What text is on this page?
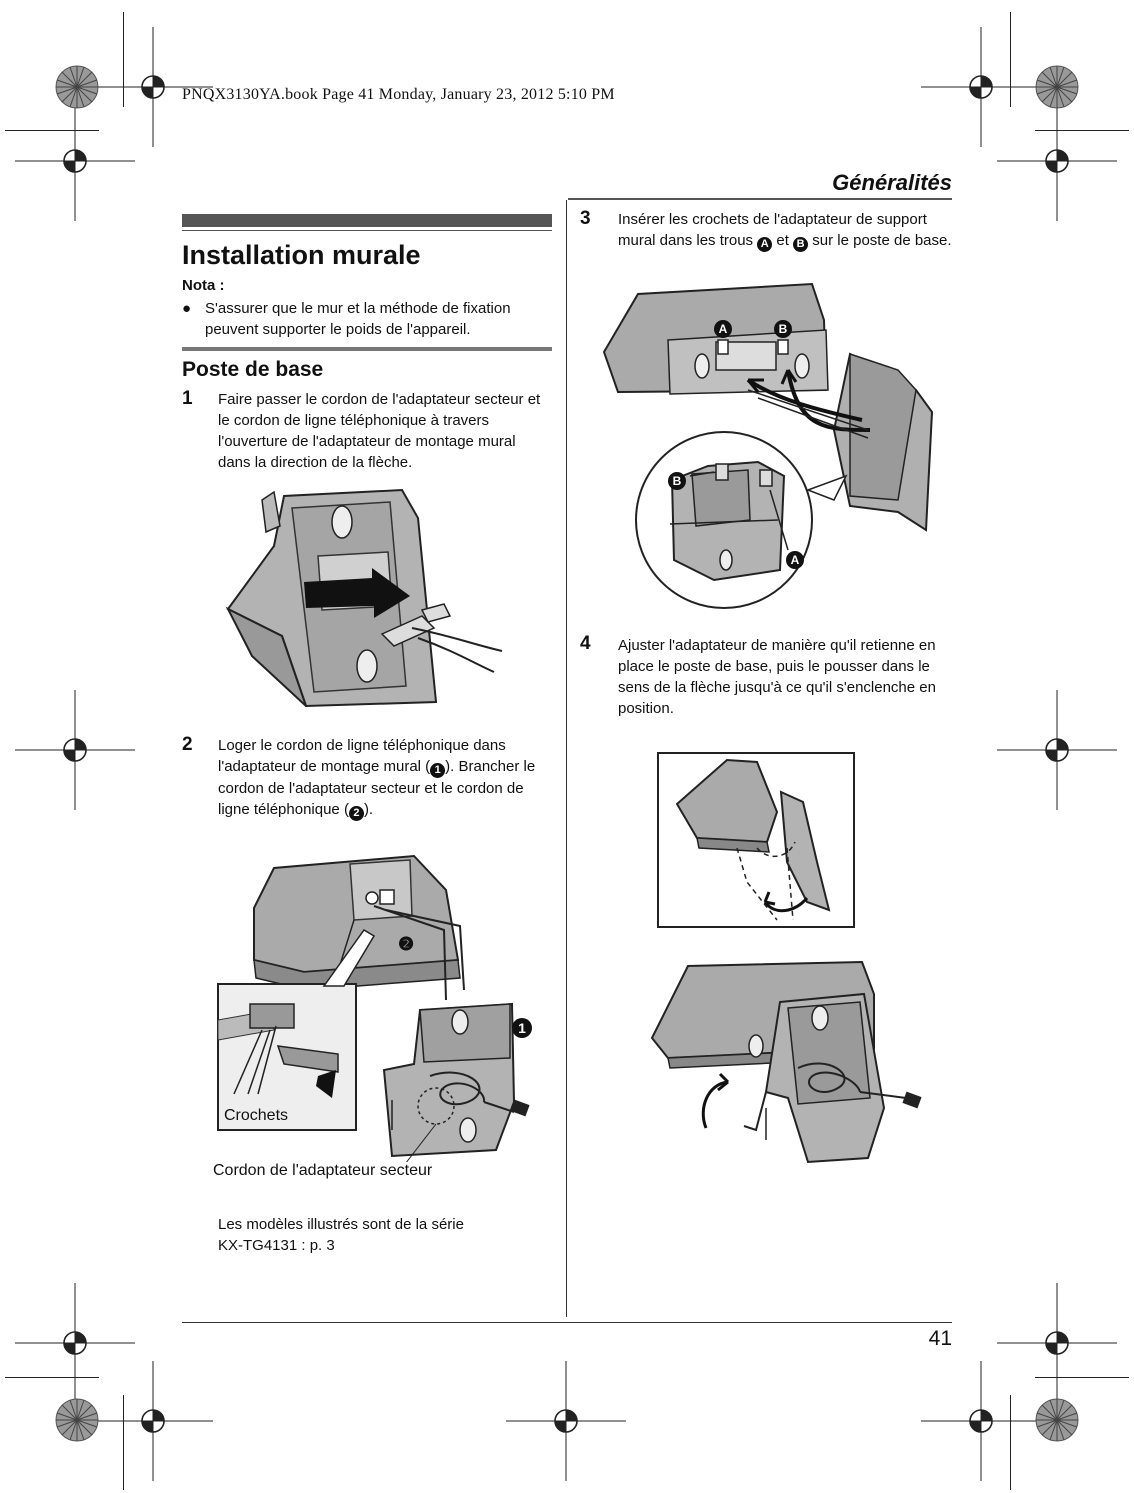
PNQX3130YA.book Page 41 Monday, January 23, 2012 5:10 PM
Généralités
Installation murale
Nota :
● S'assurer que le mur et la méthode de fixation peuvent supporter le poids de l'appareil.
Poste de base
1 Faire passer le cordon de l'adaptateur secteur et le cordon de ligne téléphonique à travers l'ouverture de l'adaptateur de montage mural dans la direction de la flèche.
2 Loger le cordon de ligne téléphonique dans l'adaptateur de montage mural ( 1 ). Brancher le cordon de l'adaptateur secteur et le cordon de ligne téléphonique ( 2 ).
❷
1
Crochets
Cordon de l'adaptateur secteur
Les modèles illustrés sont de la série
KX-TG4131 : p. 3
3 Insérer les crochets de l'adaptateur de support mural dans les trous A et B sur le poste de base.
A	B
B
A
4 Ajuster l'adaptateur de manière qu'il retienne en place le poste de base, puis le pousser dans le sens de la flèche jusqu'à ce qu'il s'enclenche en position.
41
